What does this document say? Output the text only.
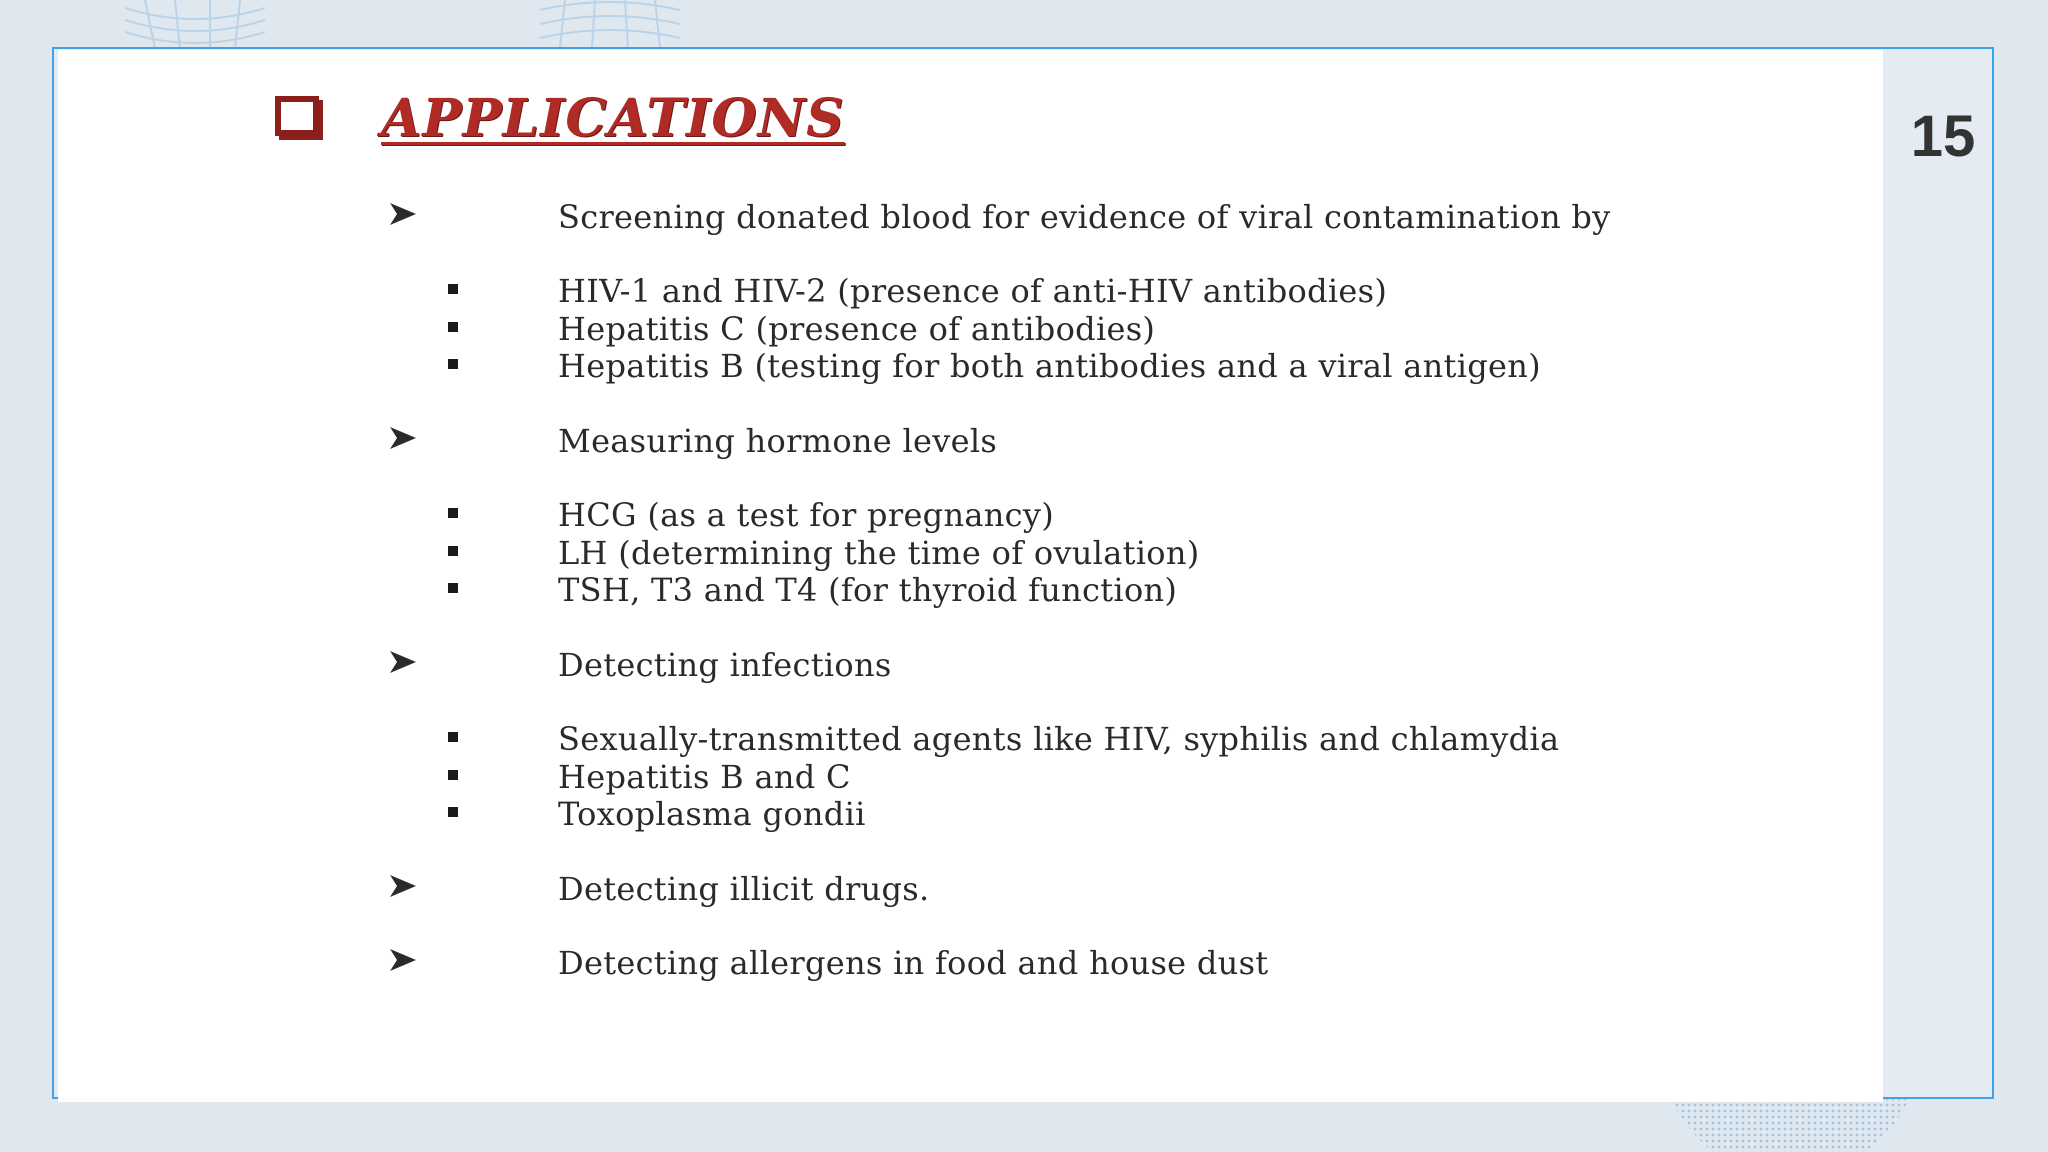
15
APPLICATIONS
Screening donated blood for evidence of viral contamination by
HIV-1 and HIV-2 (presence of anti-HIV antibodies)
Hepatitis C (presence of antibodies)
Hepatitis B (testing for both antibodies and a viral antigen)
Measuring hormone levels
HCG (as a test for pregnancy)
LH (determining the time of ovulation)
TSH, T3 and T4 (for thyroid function)
Detecting infections
Sexually-transmitted agents like HIV, syphilis and chlamydia
Hepatitis B and C
Toxoplasma gondii
Detecting illicit drugs.
Detecting allergens in food and house dust
